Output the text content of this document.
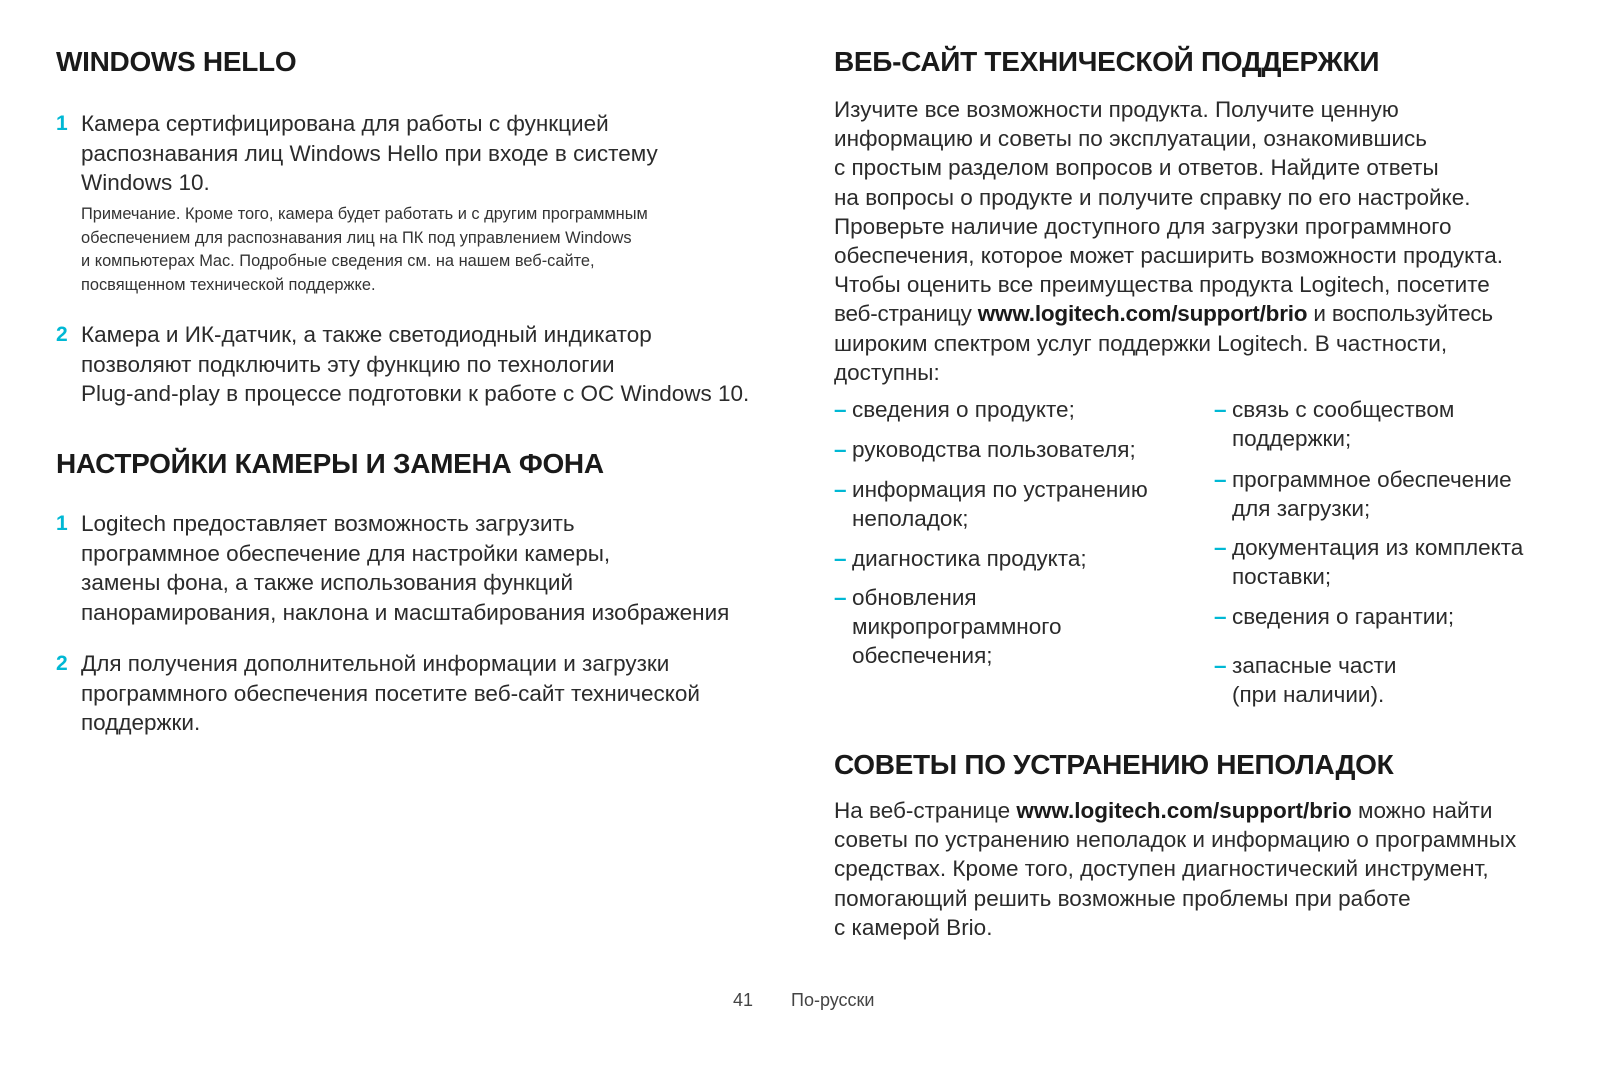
WINDOWS HELLO
1 Камера сертифицирована для работы с функцией
распознавания лиц Windows Hello при входе в систему
Windows 10.
Примечание. Кроме того, камера будет работать и с другим программным
обеспечением для распознавания лиц на ПК под управлением Windows
и компьютерах Mac. Подробные сведения см. на нашем веб-сайте,
посвященном технической поддержке.
2 Камера и ИК-датчик, а также светодиодный индикатор
позволяют подключить эту функцию по технологии
Plug-and-play в процессе подготовки к работе с ОС Windows 10.
НАСТРОЙКИ КАМЕРЫ И ЗАМЕНА ФОНА
1 Logitech предоставляет возможность загрузить
программное обеспечение для настройки камеры,
замены фона, а также использования функций
панорамирования, наклона и масштабирования изображения
2 Для получения дополнительной информации и загрузки
программного обеспечения посетите веб-сайт технической
поддержки.
ВЕБ-САЙТ ТЕХНИЧЕСКОЙ ПОДДЕРЖКИ
Изучите все возможности продукта. Получите ценную
информацию и советы по эксплуатации, ознакомившись
с простым разделом вопросов и ответов. Найдите ответы
на вопросы о продукте и получите справку по его настройке.
Проверьте наличие доступного для загрузки программного
обеспечения, которое может расширить возможности продукта.
Чтобы оценить все преимущества продукта Logitech, посетите
веб-страницу www.logitech.com/support/brio и воспользуйтесь
широким спектром услуг поддержки Logitech. В частности,
доступны:
– сведения о продукте;
– руководства пользователя;
– информация по устранению
неполадок;
– диагностика продукта;
– обновления
микропрограммного
обеспечения;
– связь с сообществом
поддержки;
– программное обеспечение
для загрузки;
– документация из комплекта
поставки;
– сведения о гарантии;
– запасные части
(при наличии).
СОВЕТЫ ПО УСТРАНЕНИЮ НЕПОЛАДОК
На веб-странице www.logitech.com/support/brio можно найти
советы по устранению неполадок и информацию о программных
средствах. Кроме того, доступен диагностический инструмент,
помогающий решить возможные проблемы при работе
с камерой Brio.
41 По-русски
